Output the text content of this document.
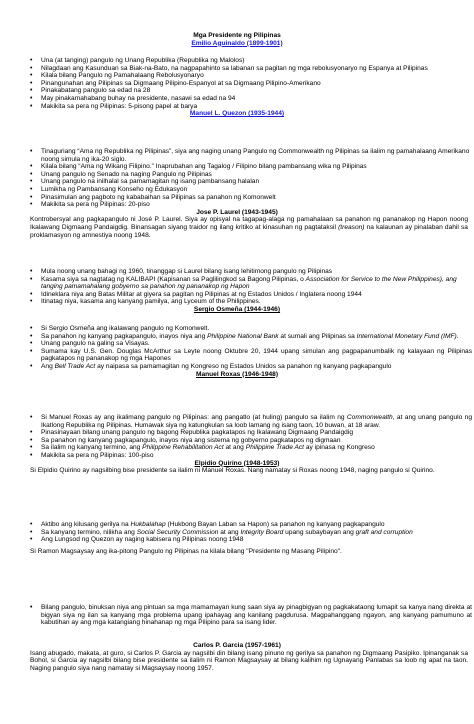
Mga Presidente ng Pilipinas

Emilio Aguinaldo (1899-1901)

• Una (at tanging) pangulo ng Unang Republika (Republika ng Malolos)
• Nilagdaan ang Kasunduan sa Biak-na-Bato, na nagpapahinto sa labanan sa pagitan ng mga rebolusyonaryo ng Espanya at Pilipinas
• Kilala bilang Pangulo ng Pamahalaang Rebolusyonaryo
• Pinangunahan ang Pilipinas sa Digmaang Pilipino-Espanyol at sa Digmaang Pilipino-Amerikano
• Pinakabatang pangulo sa edad na 28
• May pinakamahabang buhay na presidente, nasawi sa edad na 94
• Makikita sa pera ng Pilipinas: 5-pisong papel at barya

Manuel L. Quezon (1935-1944)

• Tinaguriang “Ama ng Republika ng Pilipinas”, siya ang naging unang Pangulo ng Commonwealth ng Pilipinas sa ilalim ng pamahalaang Amerikano noong simula ng ika-20 siglo.
• Kilala bilang “Ama ng Wikang Filipino.” Inaprubahan ang Tagalog / Filipino bilang pambansang wika ng Pilipinas
• Unang pangulo ng Senado na naging Pangulo ng Pilipinas
• Unang pangulo na inilhalal sa pamamagitan ng isang pambansang halalan
• Lumikha ng Pambansang Konseho ng Edukasyon
• Pinasimulan ang pagboto ng kababaihan sa Pilipinas sa panahon ng Komonwelt
• Makikita sa pera ng Pilipinas: 20-piso

Jose P. Laurel (1943-1945)

Kontrobersyal ang pagkapangulo ni José P. Laurel. Siya ay opisyal na tagapag-alaga ng pamahalaan sa panahon ng pananakop ng Hapon noong Ikalawang Digmaang Pandaigdig. Binansagan siyang traidor ng ilang kritiko at kinasuhan ng pagtataksil (treason) na kalaunan ay pinalaban dahil sa proklamasyon ng amnestiya noong 1948.

• Mula noong unang bahagi ng 1960, tinanggap si Laurel bilang isang lehitimong pangulo ng Pilipinas
• Kasama siya sa nagtatag ng KALIBAPI (Kapisanan sa Paglilingkod sa Bagong Pilipinas, o Association for Service to the New Philippines), ang tanging pamamahalang gobyerno sa panahon ng pananakop ng Hapon
• Idineklara niya ang Batas Militar at giyera sa pagitan ng Pilipinas at ng Estados Unidos / Inglatera noong 1944
• Itinatag niya, kasama ang kanyang pamilya, ang Lyceum of the Philippines.

Sergio Osmeña (1944-1946)

• Si Sergio Osmeña ang ikalawang pangulo ng Komonwelt.
• Sa panahon ng kanyang pagkapangulo, inayos niya ang Philippine National Bank at sumali ang Pilipinas sa International Monetary Fund (IMF).
• Unang pangulo na galing sa Visayas.
• Sumama kay U.S. Gen. Douglas McArthur sa Leyte noong Oktubre 20, 1944 upang simulan ang pagpapanumbalik ng kalayaan ng Pilipinas pagkatapos ng pananakop ng mga Hapones
• Ang Bell Trade Act ay naipasa sa pamamagitan ng Kongreso ng Estados Unidos sa panahon ng kanyang pagkapangulo

Manuel Roxas (1946-1948)

• Si Manuel Roxas ay ang ikalimang pangulo ng Pilipinas: ang pangatlo (at huling) pangulo sa ilalim ng Commonwealth, at ang unang pangulo ng Ikatlong Republika ng Pilipinas. Humawak siya ng katungkulan sa loob lamang ng isang taon, 10 buwan, at 18 araw.
• Pinasinayaan bilang unang pangulo ng bagong Republika pagkatapos ng Ikalawang Digmaang Pandaigdig
• Sa panahon ng kanyang pagkapangulo, inayos niya ang sistema ng gobyerno pagkatapos ng digmaan
• Sa ilalim ng kanyang termino, ang Philippine Rehabilitation Act at ang Philippine Trade Act ay ipinasa ng Kongreso
• Makikita sa pera ng Pilipinas: 100-piso

Elpidio Quirino (1948-1953)

Si Elpidio Quirino ay nagsilbing bise presidente sa ilalim ni Manuel Roxas. Nang namatay si Roxas noong 1948, naging pangulo si Quirino.

• Aktibo ang kilusang gerilya na Hukbalahap (Hukbong Bayan Laban sa Hapon) sa panahon ng kanyang pagkapangulo
• Sa kanyang termino, nilikha ang Social Security Commission at ang Integrity Board upang subaybayan ang graft and corruption
• Ang Lungsod ng Quezon ay naging kabisera ng Pilipinas noong 1948

Si Ramon Magsaysay ang ika-pitong Pangulo ng Pilipinas na kilala bilang "Presidente ng Masang Pilipino".

• Bilang pangulo, binuksan niya ang pintuan sa mga mamamayan kung saan siya ay pinagbigyan ng pagkakataong lumapit sa kanya nang direkta at bigyan siya ng ilan sa kanyang mga problema upang ipahayag ang kanilang pagdurusa. Magpahanggang ngayon, ang kanyang pamumuno at kabutihan ay ang mga katangiang hinahanap ng mga Pilipino para sa isang lider.

Carlos P. Garcia (1957-1961)

Isang abugado, makata, at guro, si Carlos P. Garcia ay nagsilbi din bilang isang pinuno ng gerilya sa panahon ng Digmaang Pasipiko. Ipinanganak sa Bohol, si Garcia ay nagsilbi bilang bise presidente sa ilalim ni Ramon Magsaysay at bilang kalihim ng Ugnayang Panlabas sa loob ng apat na taon. Naging pangulo siya nang namatay si Magsaysay noong 1957.
